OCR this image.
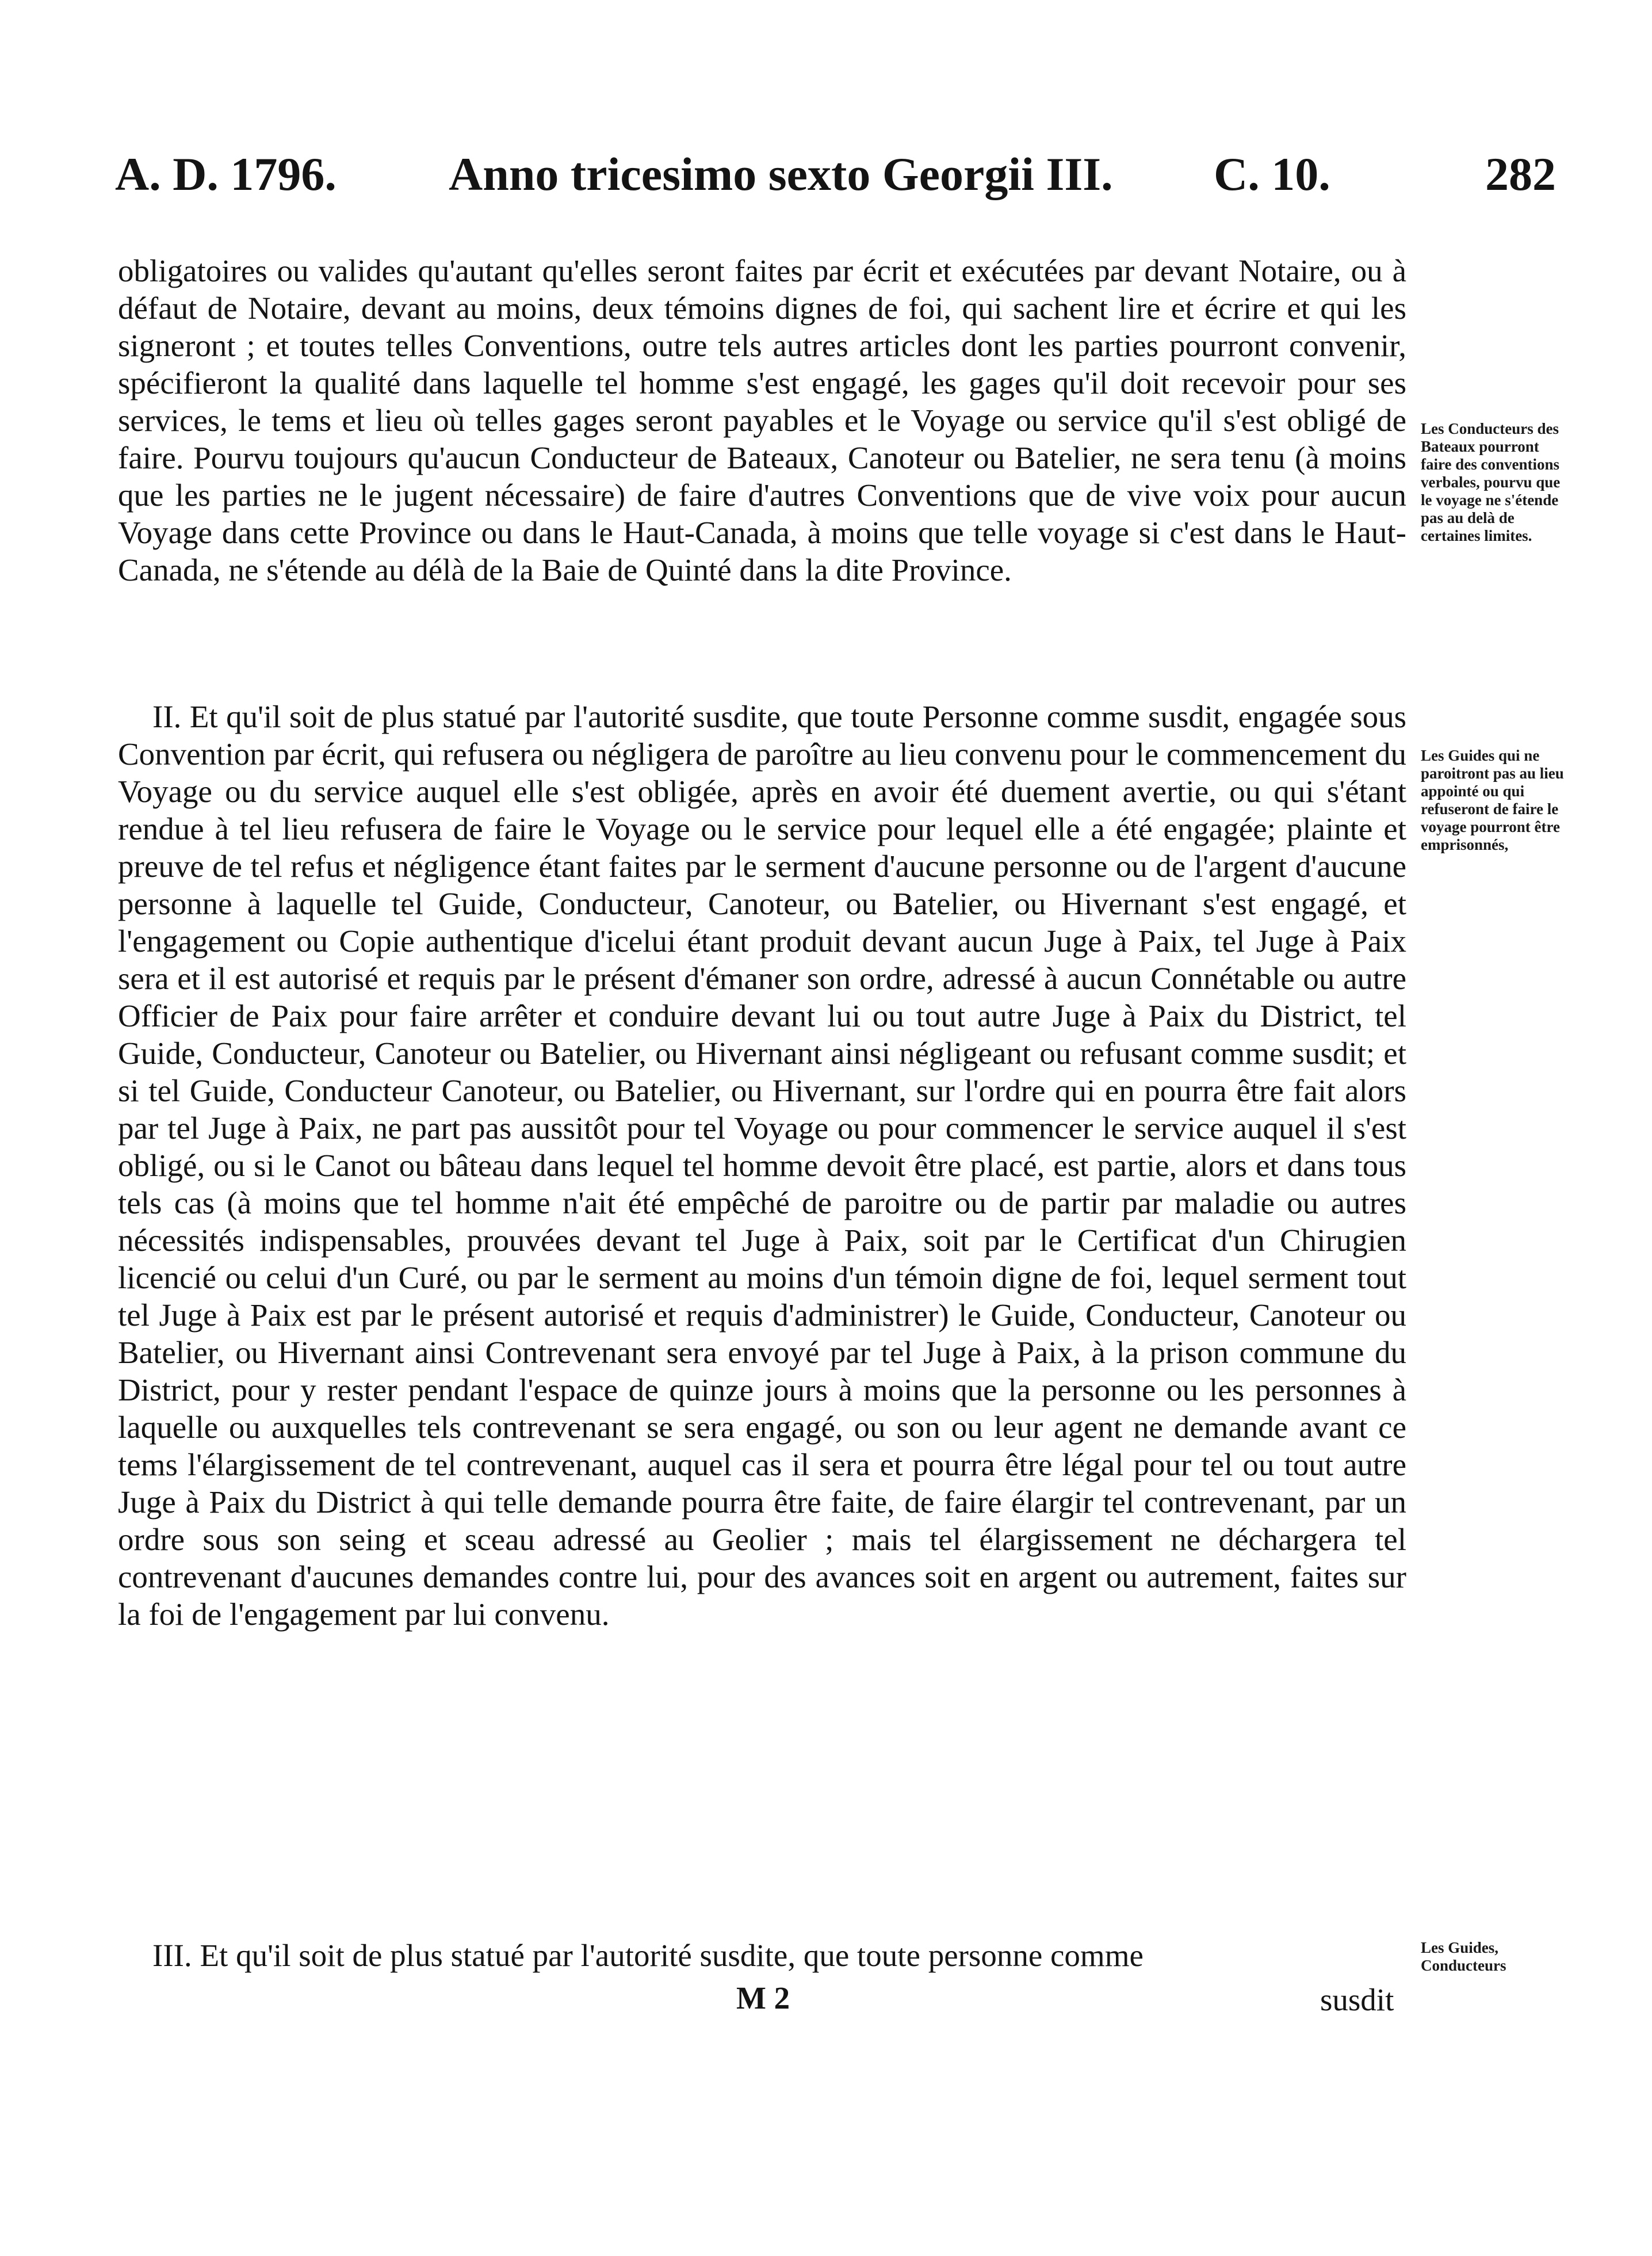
A. D. 1796. Anno tricesimo sexto Georgii III. C. 10.	282

obligatoires ou valides qu'autant qu'elles seront faites par écrit et exécutées par devant Notaire, ou à défaut de Notaire, devant au moins, deux témoins dignes de foi, qui sachent lire et écrire et qui les signeront ; et toutes telles Conventions, outre tels autres articles dont les parties pourront convenir, spécifieront la qualité dans laquelle tel homme s'est engagé, les gages qu'il doit recevoir pour ses services, le tems et lieu où telles gages seront payables et le Voyage ou service qu'il s'est obligé de faire. Pourvu toujours qu'aucun Conducteur de Bateaux, Canoteur ou Batelier, ne sera tenu (à moins que les parties ne le jugent nécessaire) de faire d'autres Conventions que de vive voix pour aucun Voyage dans cette Province ou dans le Haut-Canada, à moins que telle voyage si c'est dans le Haut-Canada, ne s'étende au délà de la Baie de Quinté dans la dite Province.

II. Et qu'il soit de plus statué par l'autorité susdite, que toute Personne comme susdit, engagée sous Convention par écrit, qui refusera ou négligera de paroître au lieu convenu pour le commencement du Voyage ou du service auquel elle s'est obligée, après en avoir été duement avertie, ou qui s'étant rendue à tel lieu refusera de faire le Voyage ou le service pour lequel elle a été engagée; plainte et preuve de tel refus et négligence étant faites par le serment d'aucune personne ou de l'argent d'aucune personne à laquelle tel Guide, Conducteur, Canoteur, ou Batelier, ou Hivernant s'est engagé, et l'engagement ou Copie authentique d'icelui étant produit devant aucun Juge à Paix, tel Juge à Paix sera et il est autorisé et requis par le présent d'émaner son ordre, adressé à aucun Connétable ou autre Officier de Paix pour faire arrêter et conduire devant lui ou tout autre Juge à Paix du District, tel Guide, Conducteur, Canoteur ou Batelier, ou Hivernant ainsi négligeant ou refusant comme susdit; et si tel Guide, Conducteur Canoteur, ou Batelier, ou Hivernant, sur l'ordre qui en pourra être fait alors par tel Juge à Paix, ne part pas aussitôt pour tel Voyage ou pour commencer le service auquel il s'est obligé, ou si le Canot ou bâteau dans lequel tel homme devoit être placé, est partie, alors et dans tous tels cas (à moins que tel homme n'ait été empêché de paroitre ou de partir par maladie ou autres nécessités indispensables, prouvées devant tel Juge à Paix, soit par le Certificat d'un Chirugien licencié ou celui d'un Curé, ou par le serment au moins d'un témoin digne de foi, lequel serment tout tel Juge à Paix est par le présent autorisé et requis d'administrer) le Guide, Conducteur, Canoteur ou Batelier, ou Hivernant ainsi Contrevenant sera envoyé par tel Juge à Paix, à la prison commune du District, pour y rester pendant l'espace de quinze jours à moins que la personne ou les personnes à laquelle ou auxquelles tels contrevenant se sera engagé, ou son ou leur agent ne demande avant ce tems l'élargissement de tel contrevenant, auquel cas il sera et pourra être légal pour tel ou tout autre Juge à Paix du District à qui telle demande pourra être faite, de faire élargir tel contrevenant, par un ordre sous son seing et sceau adressé au Geolier ; mais tel élargissement ne déchargera tel contrevenant d'aucunes demandes contre lui, pour des avances soit en argent ou autrement, faites sur la foi de l'engagement par lui convenu.

III. Et qu'il soit de plus statué par l'autorité susdite, que toute personne comme

Les Conducteurs des Bateaux pourront faire des conventions verbales, pourvu que le voyage ne s'étende pas au delà de certaines limites.
Les Guides qui ne paroitront pas au lieu appointé ou qui refuseront de faire le voyage pourront être emprisonnés,
Les Guides, Conducteurs
M 2	susdit
